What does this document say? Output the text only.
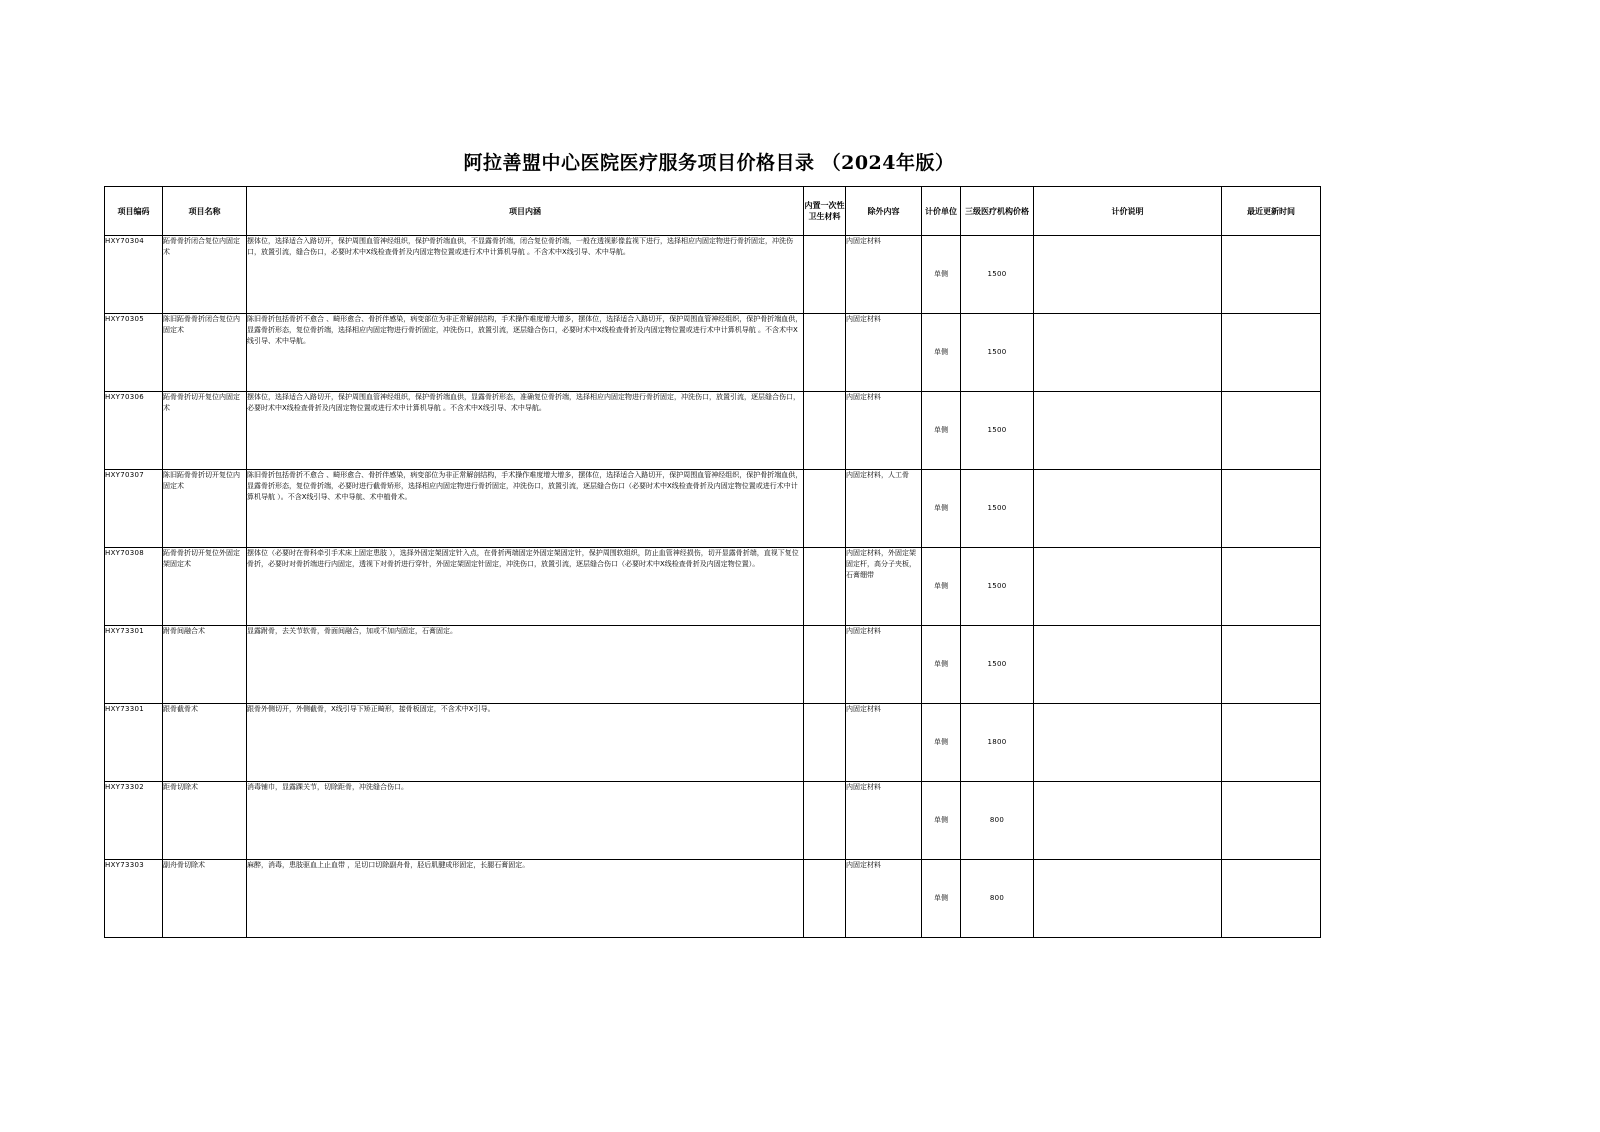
阿拉善盟中心医院医疗服务项目价格目录 （2024年版）
项目编码	项目名称	项目内涵	内置一次性卫生材料	除外内容	计价单位	三级医疗机构价格	计价说明	最近更新时间
HXY70304	跖骨骨折闭合复位内固定术	摆体位，选择适合入路切开，保护周围血管神经组织，保护骨折端血供，不显露骨折端，闭合复位骨折端，一般在透视影像监视下进行，选择相应内固定物进行骨折固定，冲洗伤口，放置引流，缝合伤口，必要时术中X线检查骨折及内固定物位置或进行术中计算机导航 。不含术中X线引导、术中导航。		内固定材料	单侧	1500		
HXY70305	陈旧跖骨骨折闭合复位内固定术	陈旧骨折包括骨折不愈合 、畸形愈合、骨折伴感染，病变部位为非正常解剖结构，手术操作难度增大增多，摆体位，选择适合入路切开，保护周围血管神经组织，保护骨折端血供，显露骨折形态，复位骨折端，选择相应内固定物进行骨折固定，冲洗伤口，放置引流，逐层缝合伤口，必要时术中X线检查骨折及内固定物位置或进行术中计算机导航 。不含术中X线引导、术中导航。		内固定材料	单侧	1500		
HXY70306	跖骨骨折切开复位内固定术	摆体位，选择适合入路切开，保护周围血管神经组织，保护骨折端血供，显露骨折形态，准确复位骨折端，选择相应内固定物进行骨折固定，冲洗伤口，放置引流，逐层缝合伤口，必要时术中X线检查骨折及内固定物位置或进行术中计算机导航 。不含术中X线引导、术中导航。		内固定材料	单侧	1500		
HXY70307	陈旧跖骨骨折切开复位内固定术	陈旧骨折包括骨折不愈合 、畸形愈合、骨折伴感染，病变部位为非正常解剖结构，手术操作难度增大增多，摆体位，选择适合入路切开，保护周围血管神经组织，保护骨折端血供，显露骨折形态，复位骨折端，必要时进行截骨矫形，选择相应内固定物进行骨折固定，冲洗伤口，放置引流，逐层缝合伤口（必要时术中X线检查骨折及内固定物位置或进行术中计算机导航 ）。不含X线引导、术中导航、术中植骨术。		内固定材料，人工骨	单侧	1500		
HXY70308	跖骨骨折切开复位外固定架固定术	摆体位（必要时在骨科牵引手术床上固定患肢 ），选择外固定架固定针入点，在骨折两端固定外固定架固定针，保护周围软组织，防止血管神经损伤，切开显露骨折端，直视下复位骨折，必要时对骨折端进行内固定，透视下对骨折进行穿针，外固定架固定针固定，冲洗伤口，放置引流，逐层缝合伤口（必要时术中X线检查骨折及内固定物位置）。		内固定材料，外固定架固定杆，高分子夹板，石膏绷带	单侧	1500		
HXY73301	跗骨间融合术	显露跗骨，去关节软骨，骨面间融合，加或不加内固定，石膏固定。		内固定材料	单侧	1500		
HXY73301	跟骨截骨术	跟骨外侧切开，外侧截骨，X线引导下矫正畸形，接骨板固定，不含术中X引导。		内固定材料	单侧	1800		
HXY73302	距骨切除术	消毒铺巾，显露踝关节，切除距骨，冲洗缝合伤口。		内固定材料	单侧	800		
HXY73303	副舟骨切除术	麻醉，消毒，患肢驱血上止血带 ，足切口切除副舟骨，胫后肌腱成形固定，长腿石膏固定。		内固定材料	单侧	800		
